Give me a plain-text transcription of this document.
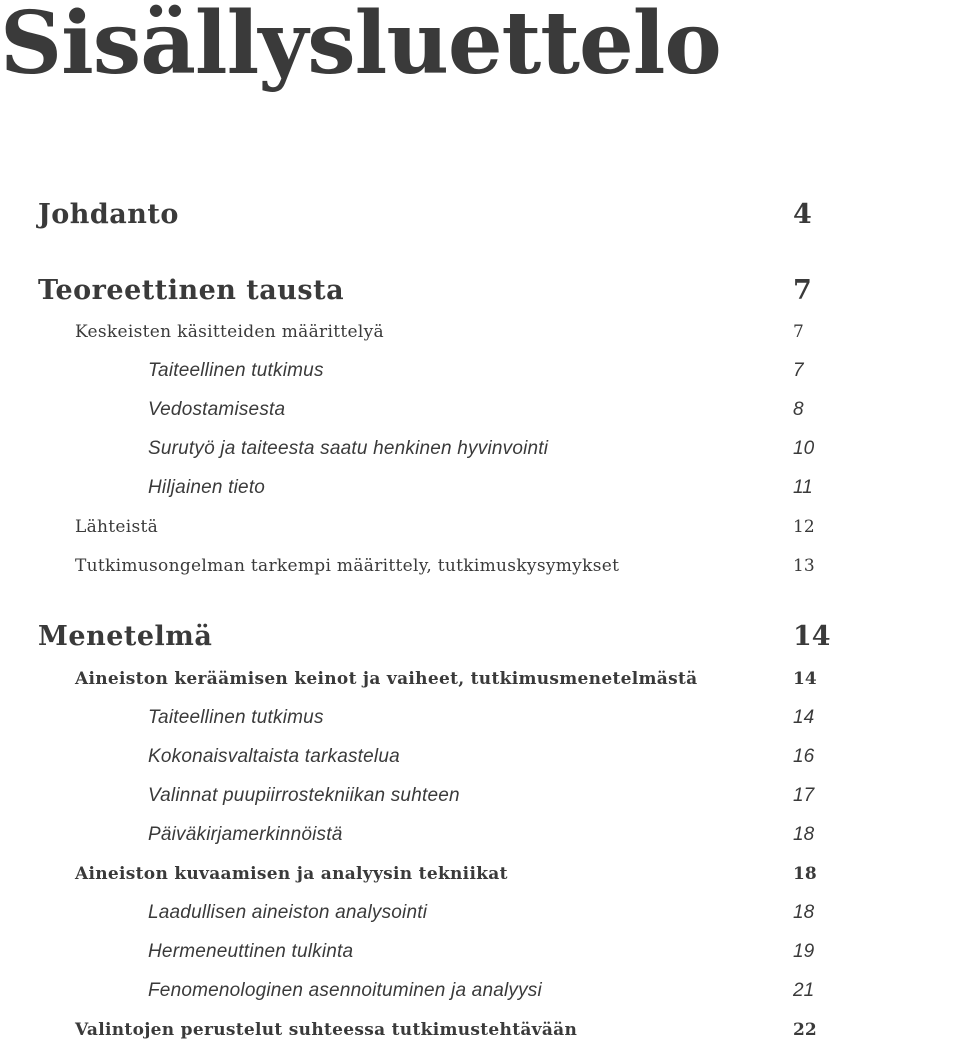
Sisällysluettelo
Johdanto	4
Teoreettinen tausta	7
Keskeisten käsitteiden määrittelyä	7
Taiteellinen tutkimus	7
Vedostamisesta	8
Surutyö ja taiteesta saatu henkinen hyvinvointi	10
Hiljainen tieto	11
Lähteistä	12
Tutkimusongelman tarkempi määrittely, tutkimuskysymykset	13
Menetelmä	14
Aineiston keräämisen keinot ja vaiheet, tutkimusmenetelmästä	14
Taiteellinen tutkimus	14
Kokonaisvaltaista tarkastelua	16
Valinnat puupiirrostekniikan suhteen	17
Päiväkirjamerkinnöistä	18
Aineiston kuvaamisen ja analyysin tekniikat	18
Laadullisen aineiston analysointi	18
Hermeneuttinen tulkinta	19
Fenomenologinen asennoituminen ja analyysi	21
Valintojen perustelut suhteessa tutkimustehtävään	22
